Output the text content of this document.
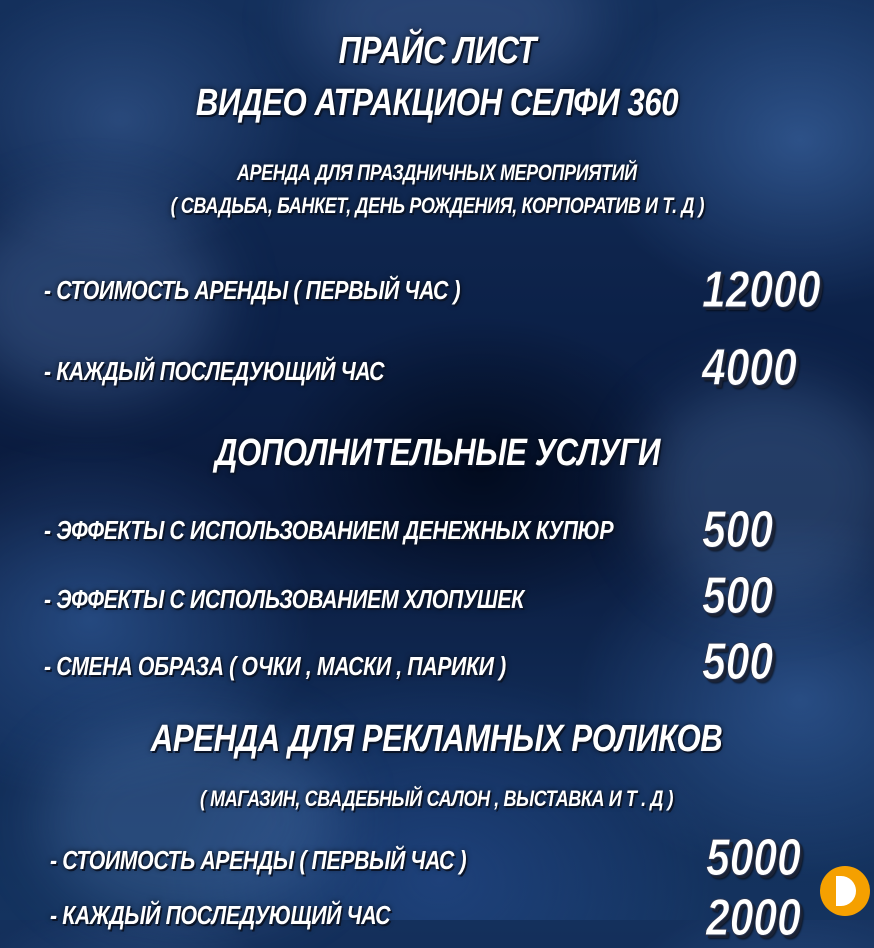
ПРАЙС ЛИСТ
ВИДЕО АТРАКЦИОН СЕЛФИ 360
АРЕНДА ДЛЯ ПРАЗДНИЧНЫХ МЕРОПРИЯТИЙ
( СВАДЬБА, БАНКЕТ, ДЕНЬ РОЖДЕНИЯ, КОРПОРАТИВ И Т. Д )
- СТОИМОСТЬ АРЕНДЫ ( ПЕРВЫЙ ЧАС )	12000
- КАЖДЫЙ ПОСЛЕДУЮЩИЙ ЧАС	4000
ДОПОЛНИТЕЛЬНЫЕ УСЛУГИ
- ЭФФЕКТЫ С ИСПОЛЬЗОВАНИЕМ ДЕНЕЖНЫХ КУПЮР 500
- ЭФФЕКТЫ С ИСПОЛЬЗОВАНИЕМ ХЛОПУШЕК	500
- СМЕНА ОБРАЗА ( ОЧКИ , МАСКИ , ПАРИКИ )	500
АРЕНДА ДЛЯ РЕКЛАМНЫХ РОЛИКОВ
( МАГАЗИН, СВАДЕБНЫЙ САЛОН , ВЫСТАВКА И Т . Д )
- СТОИМОСТЬ АРЕНДЫ ( ПЕРВЫЙ ЧАС )	5000
- КАЖДЫЙ ПОСЛЕДУЮЩИЙ ЧАС	2000
